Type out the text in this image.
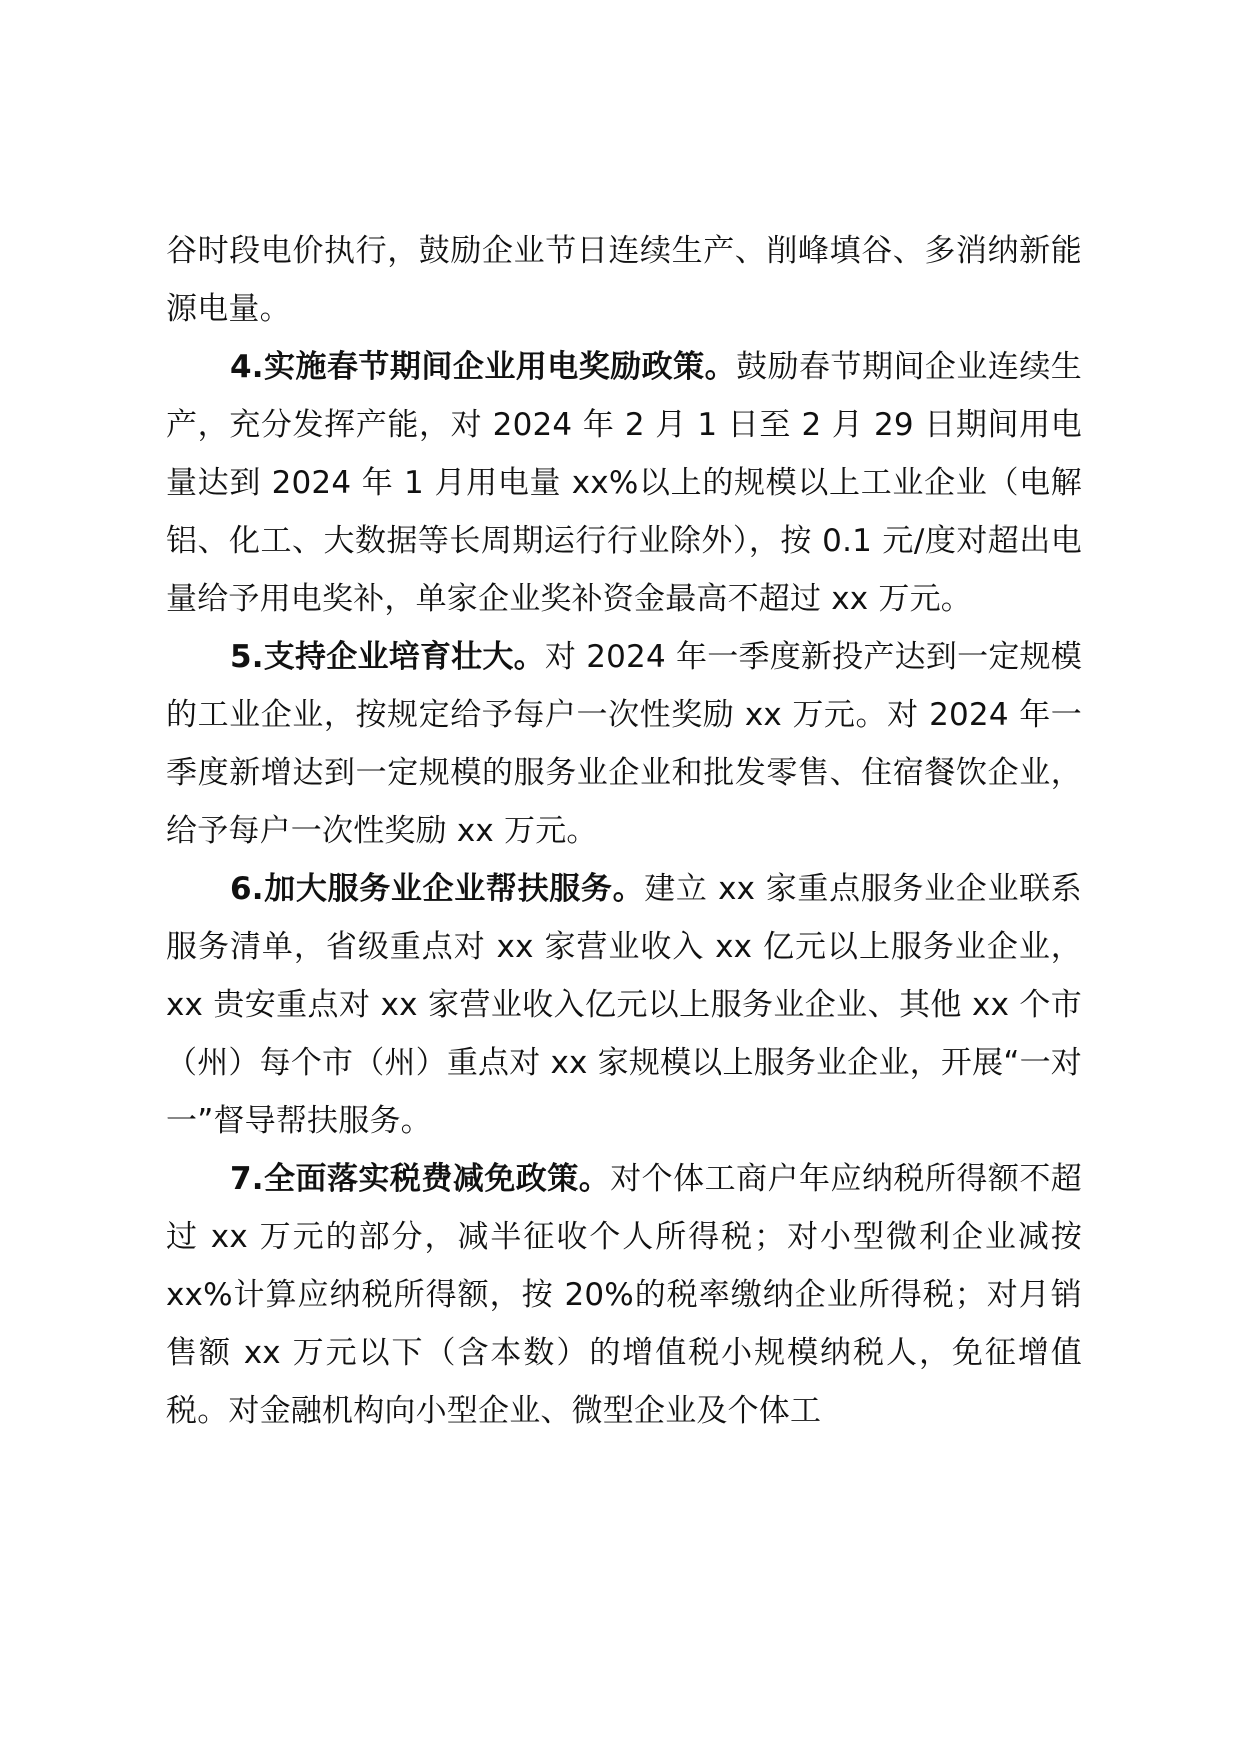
谷时段电价执行，鼓励企业节日连续生产、削峰填谷、多消纳新能源电量。

4.实施春节期间企业用电奖励政策。鼓励春节期间企业连续生产，充分发挥产能，对 2024 年 2 月 1 日至 2 月 29 日期间用电量达到 2024 年 1 月用电量 xx%以上的规模以上工业企业（电解铝、化工、大数据等长周期运行行业除外），按 0.1 元/度对超出电量给予用电奖补，单家企业奖补资金最高不超过 xx 万元。

5.支持企业培育壮大。对 2024 年一季度新投产达到一定规模的工业企业，按规定给予每户一次性奖励 xx 万元。对 2024 年一季度新增达到一定规模的服务业企业和批发零售、住宿餐饮企业，给予每户一次性奖励 xx 万元。

6.加大服务业企业帮扶服务。建立 xx 家重点服务业企业联系服务清单，省级重点对 xx 家营业收入 xx 亿元以上服务业企业，xx 贵安重点对 xx 家营业收入亿元以上服务业企业、其他 xx 个市（州）每个市（州）重点对 xx 家规模以上服务业企业，开展“一对一”督导帮扶服务。

7.全面落实税费减免政策。对个体工商户年应纳税所得额不超过 xx 万元的部分，减半征收个人所得税；对小型微利企业减按 xx%计算应纳税所得额，按 20%的税率缴纳企业所得税；对月销售额 xx 万元以下（含本数）的增值税小规模纳税人，免征增值税。对金融机构向小型企业、微型企业及个体工
